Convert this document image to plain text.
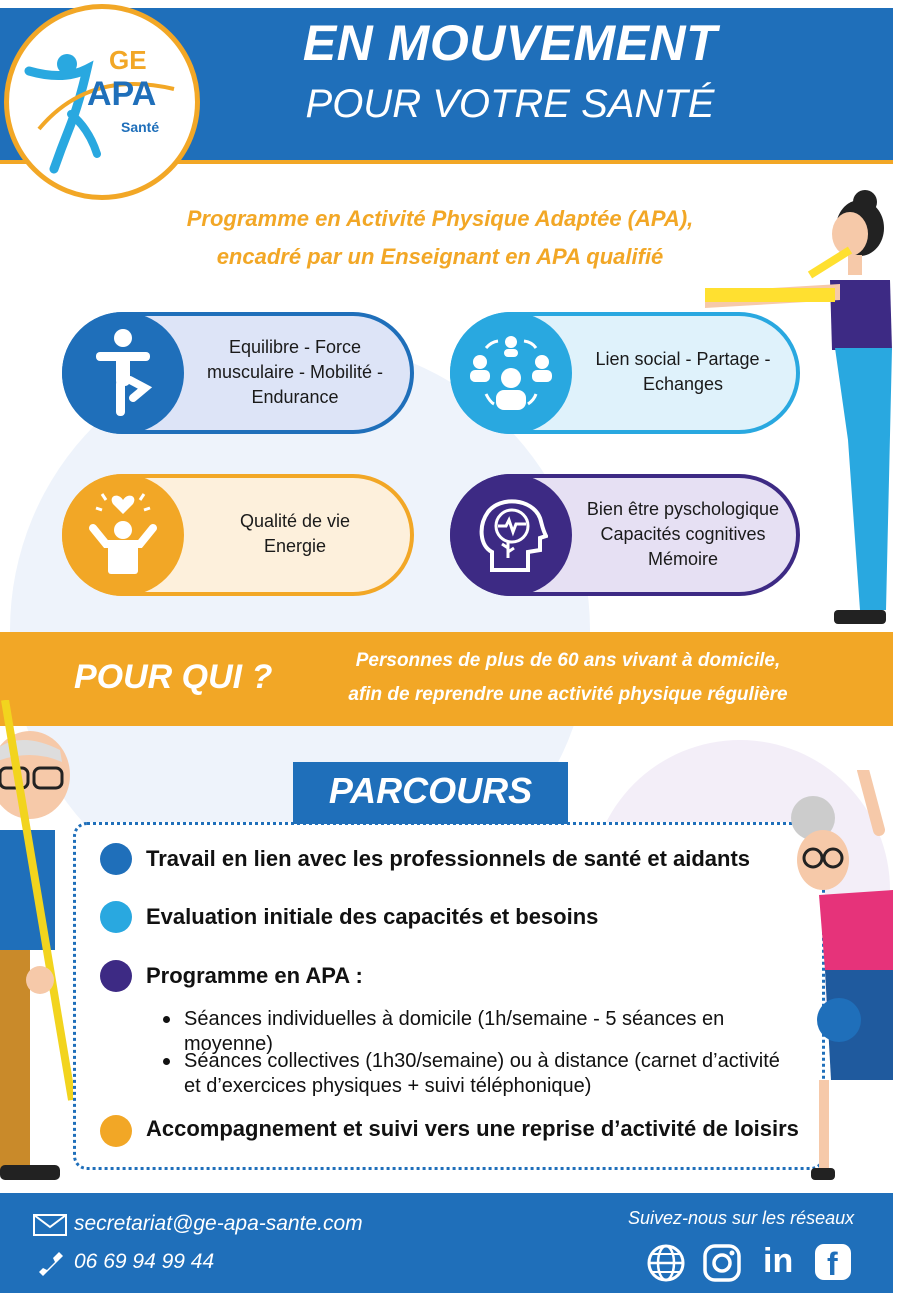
EN MOUVEMENT
POUR VOTRE SANTÉ
GE
APA
Santé
Programme en Activité Physique Adaptée (APA),
encadré par un Enseignant en APA qualifié
Equilibre - Force
musculaire - Mobilité -
Endurance
Lien social - Partage -
Echanges
Qualité de vie
Energie
Bien être pyschologique
Capacités cognitives
Mémoire
POUR QUI ?	Personnes de plus de 60 ans vivant à domicile,
afin de reprendre une activité physique régulière
PARCOURS
Travail en lien avec les professionnels de santé et aidants
Evaluation initiale des capacités et besoins
Programme en APA :
Séances individuelles à domicile (1h/semaine - 5 séances en
moyenne)
Séances collectives (1h30/semaine) ou à distance (carnet d’activité
et d’exercices physiques + suivi téléphonique)
Accompagnement et suivi vers une reprise d’activité de loisirs
secretariat@ge-apa-sante.com
06 69 94 99 44
Suivez-nous sur les réseaux
in f
